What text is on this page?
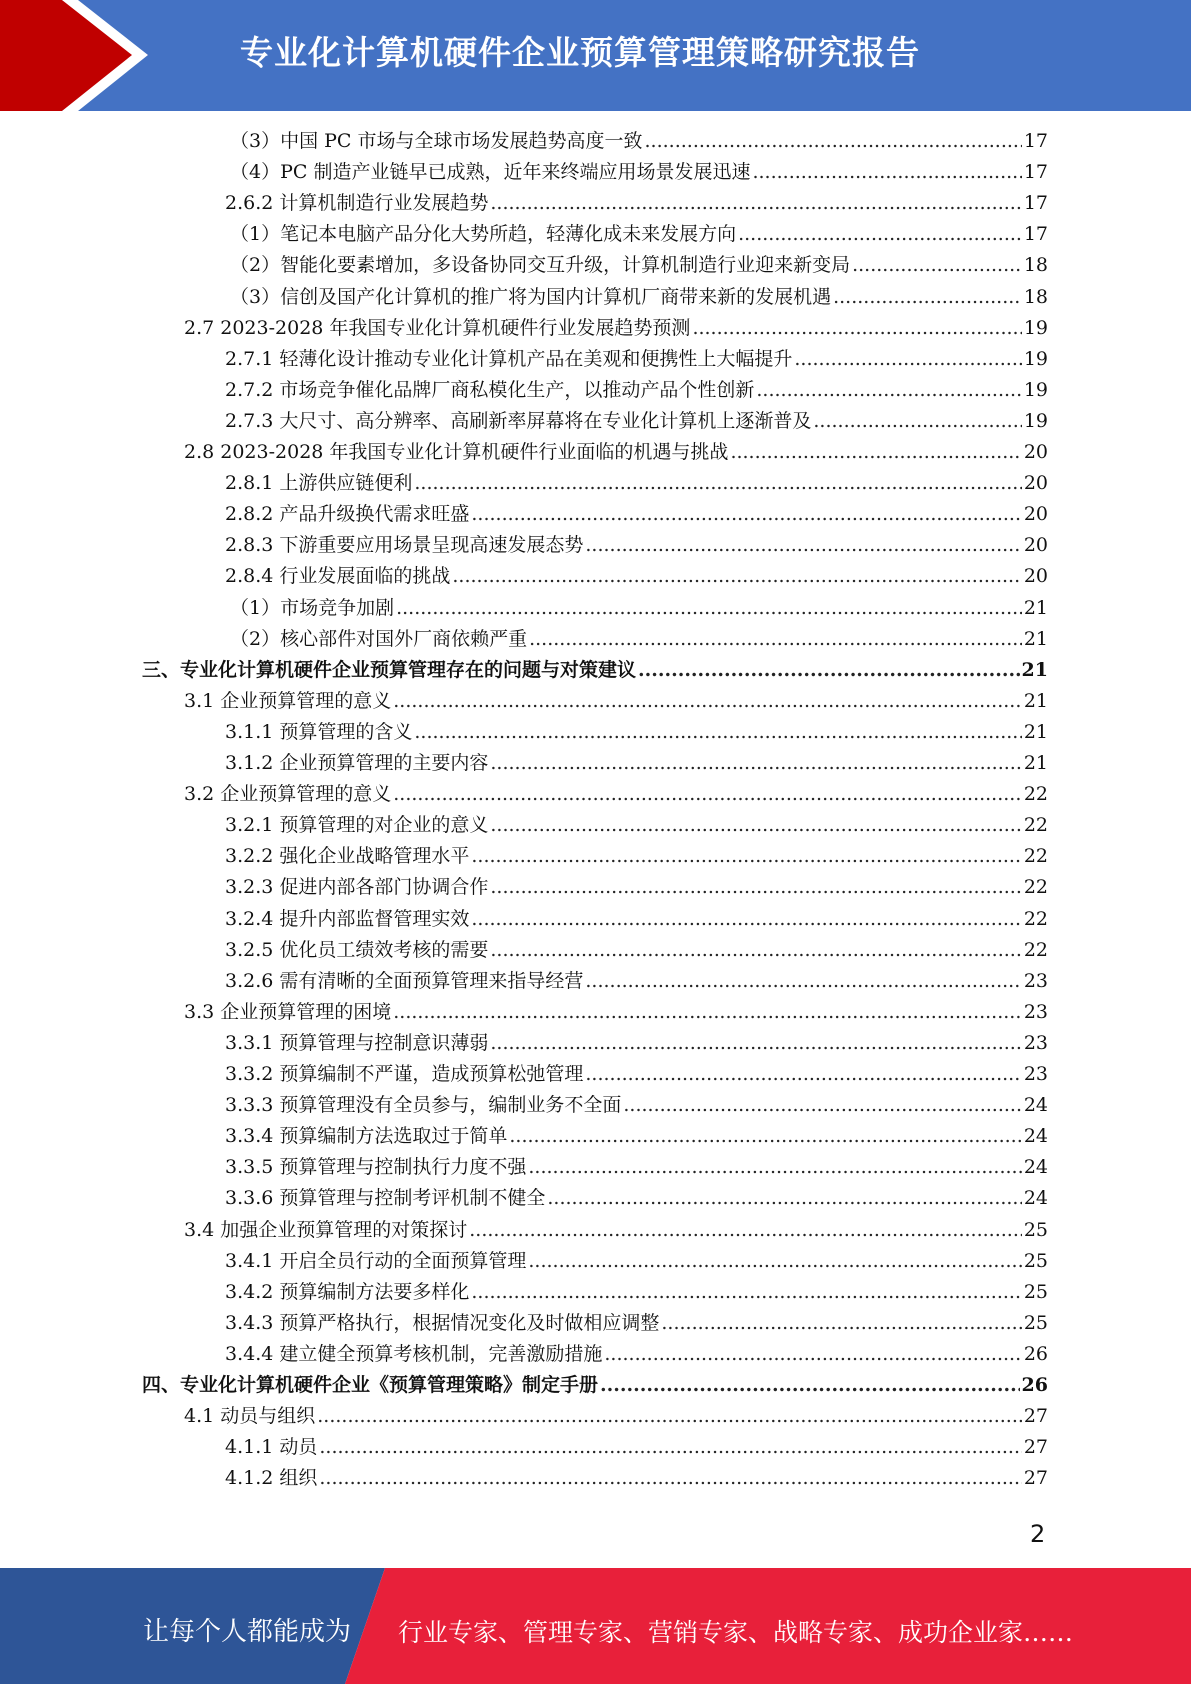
专业化计算机硬件企业预算管理策略研究报告
（3）中国 PC 市场与全球市场发展趋势高度一致 .....	17
（4）PC 制造产业链早已成熟，近年来终端应用场景发展迅速 .....	17
2.6.2 计算机制造行业发展趋势 .....	17
（1）笔记本电脑产品分化大势所趋，轻薄化成未来发展方向 .....	17
（2）智能化要素增加，多设备协同交互升级，计算机制造行业迎来新变局 .....	18
（3）信创及国产化计算机的推广将为国内计算机厂商带来新的发展机遇 .....	18
2.7 2023-2028 年我国专业化计算机硬件行业发展趋势预测 .....	19
2.7.1 轻薄化设计推动专业化计算机产品在美观和便携性上大幅提升 .....	19
2.7.2 市场竞争催化品牌厂商私模化生产，以推动产品个性创新 .....	19
2.7.3 大尺寸、高分辨率、高刷新率屏幕将在专业化计算机上逐渐普及 .....	19
2.8 2023-2028 年我国专业化计算机硬件行业面临的机遇与挑战 .....	20
2.8.1 上游供应链便利 .....	20
2.8.2 产品升级换代需求旺盛 .....	20
2.8.3 下游重要应用场景呈现高速发展态势 .....	20
2.8.4 行业发展面临的挑战 .....	20
（1）市场竞争加剧 .....	21
（2）核心部件对国外厂商依赖严重 .....	21
三、专业化计算机硬件企业预算管理存在的问题与对策建议 .....	21
3.1 企业预算管理的意义 .....	21
3.1.1 预算管理的含义 .....	21
3.1.2 企业预算管理的主要内容 .....	21
3.2 企业预算管理的意义 .....	22
3.2.1 预算管理的对企业的意义 .....	22
3.2.2 强化企业战略管理水平 .....	22
3.2.3 促进内部各部门协调合作 .....	22
3.2.4 提升内部监督管理实效 .....	22
3.2.5 优化员工绩效考核的需要 .....	22
3.2.6 需有清晰的全面预算管理来指导经营 .....	23
3.3 企业预算管理的困境 .....	23
3.3.1 预算管理与控制意识薄弱 .....	23
3.3.2 预算编制不严谨，造成预算松弛管理 .....	23
3.3.3 预算管理没有全员参与，编制业务不全面 .....	24
3.3.4 预算编制方法选取过于简单 .....	24
3.3.5 预算管理与控制执行力度不强 .....	24
3.3.6 预算管理与控制考评机制不健全 .....	24
3.4 加强企业预算管理的对策探讨 .....	25
3.4.1 开启全员行动的全面预算管理 .....	25
3.4.2 预算编制方法要多样化 .....	25
3.4.3 预算严格执行，根据情况变化及时做相应调整 .....	25
3.4.4 建立健全预算考核机制，完善激励措施 .....	26
四、专业化计算机硬件企业《预算管理策略》制定手册 .....	26
4.1 动员与组织 .....	27
4.1.1 动员 .....	27
4.1.2 组织 .....	27
2
让每个人都能成为 行业专家、管理专家、营销专家、战略专家、成功企业家……
